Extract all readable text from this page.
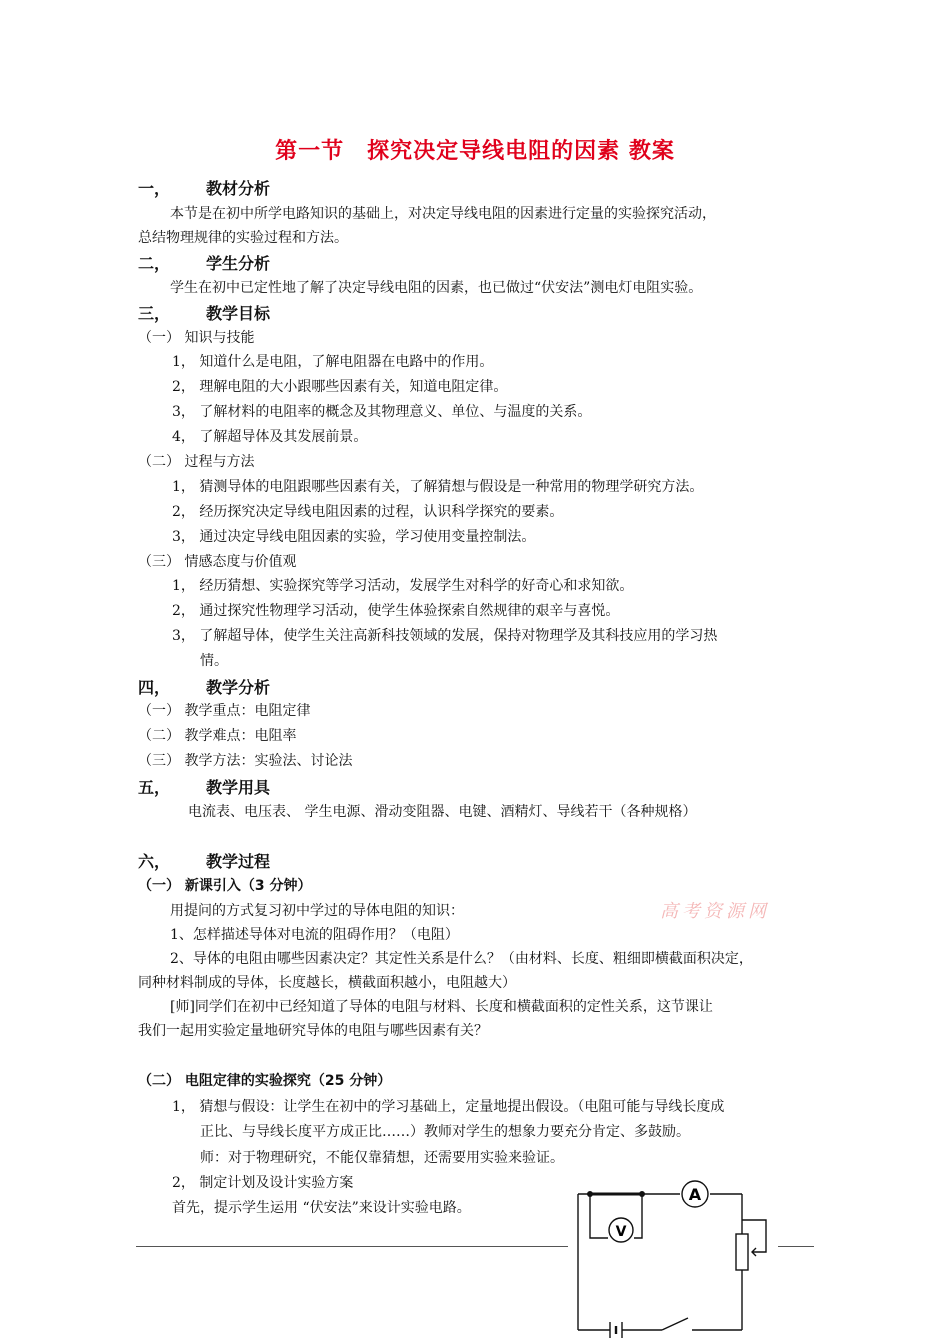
第一节　探究决定导线电阻的因素 教案
一， 教材分析
本节是在初中所学电路知识的基础上，对决定导线电阻的因素进行定量的实验探究活动，
总结物理规律的实验过程和方法。
二， 学生分析
学生在初中已定性地了解了决定导线电阻的因素，也已做过“伏安法”测电灯电阻实验。
三， 教学目标
（一） 知识与技能
1， 知道什么是电阻，了解电阻器在电路中的作用。
2， 理解电阻的大小跟哪些因素有关，知道电阻定律。
3， 了解材料的电阻率的概念及其物理意义、单位、与温度的关系。
4， 了解超导体及其发展前景。
（二） 过程与方法
1， 猜测导体的电阻跟哪些因素有关，了解猜想与假设是一种常用的物理学研究方法。
2， 经历探究决定导线电阻因素的过程，认识科学探究的要素。
3， 通过决定导线电阻因素的实验，学习使用变量控制法。
（三） 情感态度与价值观
1， 经历猜想、实验探究等学习活动，发展学生对科学的好奇心和求知欲。
2， 通过探究性物理学习活动，使学生体验探索自然规律的艰辛与喜悦。
3， 了解超导体，使学生关注高新科技领域的发展，保持对物理学及其科技应用的学习热
情。
四， 教学分析
（一） 教学重点：电阻定律
（二） 教学难点：电阻率
（三） 教学方法：实验法、讨论法
五， 教学用具
电流表、电压表、 学生电源、滑动变阻器、电键、酒精灯、导线若干（各种规格）
六， 教学过程
（一） 新课引入（3 分钟）
用提问的方式复习初中学过的导体电阻的知识：	高考资源网
1、怎样描述导体对电流的阻碍作用？（电阻）
2、导体的电阻由哪些因素决定？其定性关系是什么？（由材料、长度、粗细即横截面积决定，
同种材料制成的导体，长度越长，横截面积越小，电阻越大）
[师]同学们在初中已经知道了导体的电阻与材料、长度和横截面积的定性关系，这节课让
我们一起用实验定量地研究导体的电阻与哪些因素有关？
（二） 电阻定律的实验探究（25 分钟）
1， 猜想与假设：让学生在初中的学习基础上，定量地提出假设。（电阻可能与导线长度成
正比、与导线长度平方成正比……）教师对学生的想象力要充分肯定、多鼓励。
师：对于物理研究，不能仅靠猜想，还需要用实验来验证。
2， 制定计划及设计实验方案
首先，提示学生运用 “伏安法”来设计实验电路。
A
V
